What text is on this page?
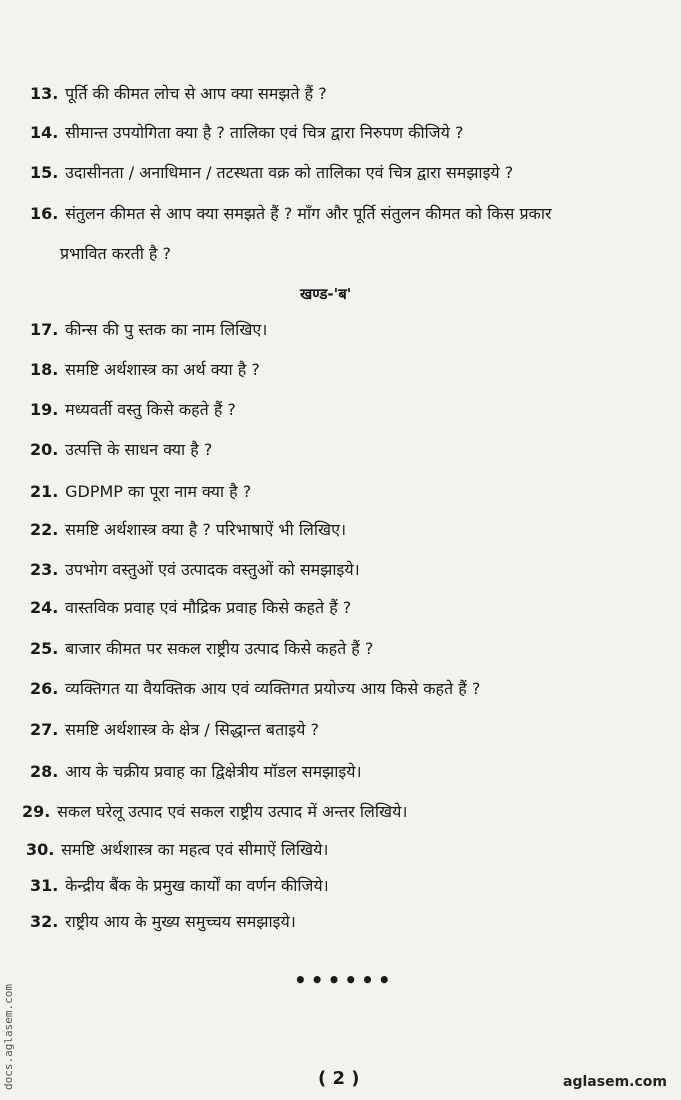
13. पूर्ति की कीमत लोच से आप क्या समझते हैं ?
14. सीमान्त उपयोगिता क्या है ? तालिका एवं चित्र द्वारा निरुपण कीजिये ?
15. उदासीनता / अनाधिमान / तटस्थता वक्र को तालिका एवं चित्र द्वारा समझाइये ?
16. संतुलन कीमत से आप क्या समझते हैं ? माँग और पूर्ति संतुलन कीमत को किस प्रकार
प्रभावित करती है ?
खण्ड-'ब'
17. कीन्स की पु स्तक का नाम लिखिए।
18. समष्टि अर्थशास्त्र का अर्थ क्या है ?
19. मध्यवर्ती वस्तु किसे कहते हैं ?
20. उत्पत्ति के साधन क्या है ?
21. GDPMP का पूरा नाम क्या है ?
22. समष्टि अर्थशास्त्र क्या है ? परिभाषाऐं भी लिखिए।
23. उपभोग वस्तुओं एवं उत्पादक वस्तुओं को समझाइये।
24. वास्तविक प्रवाह एवं मौद्रिक प्रवाह किसे कहते हैं ?
25. बाजार कीमत पर सकल राष्ट्रीय उत्पाद किसे कहते हैं ?
26. व्यक्तिगत या वैयक्तिक आय एवं व्यक्तिगत प्रयोज्य आय किसे कहते हैं ?
27. समष्टि अर्थशास्त्र के क्षेत्र / सिद्धान्त बताइये ?
28. आय के चक्रीय प्रवाह का द्विक्षेत्रीय मॉडल समझाइये।
29. सकल घरेलू उत्पाद एवं सकल राष्ट्रीय उत्पाद में अन्तर लिखिये।
30. समष्टि अर्थशास्त्र का महत्व एवं सीमाऐं लिखिये।
31. केन्द्रीय बैंक के प्रमुख कार्यों का वर्णन कीजिये।
32. राष्ट्रीय आय के मुख्य समुच्चय समझाइये।
••••••
( 2 )
docs.aglasem.com	aglasem.com
